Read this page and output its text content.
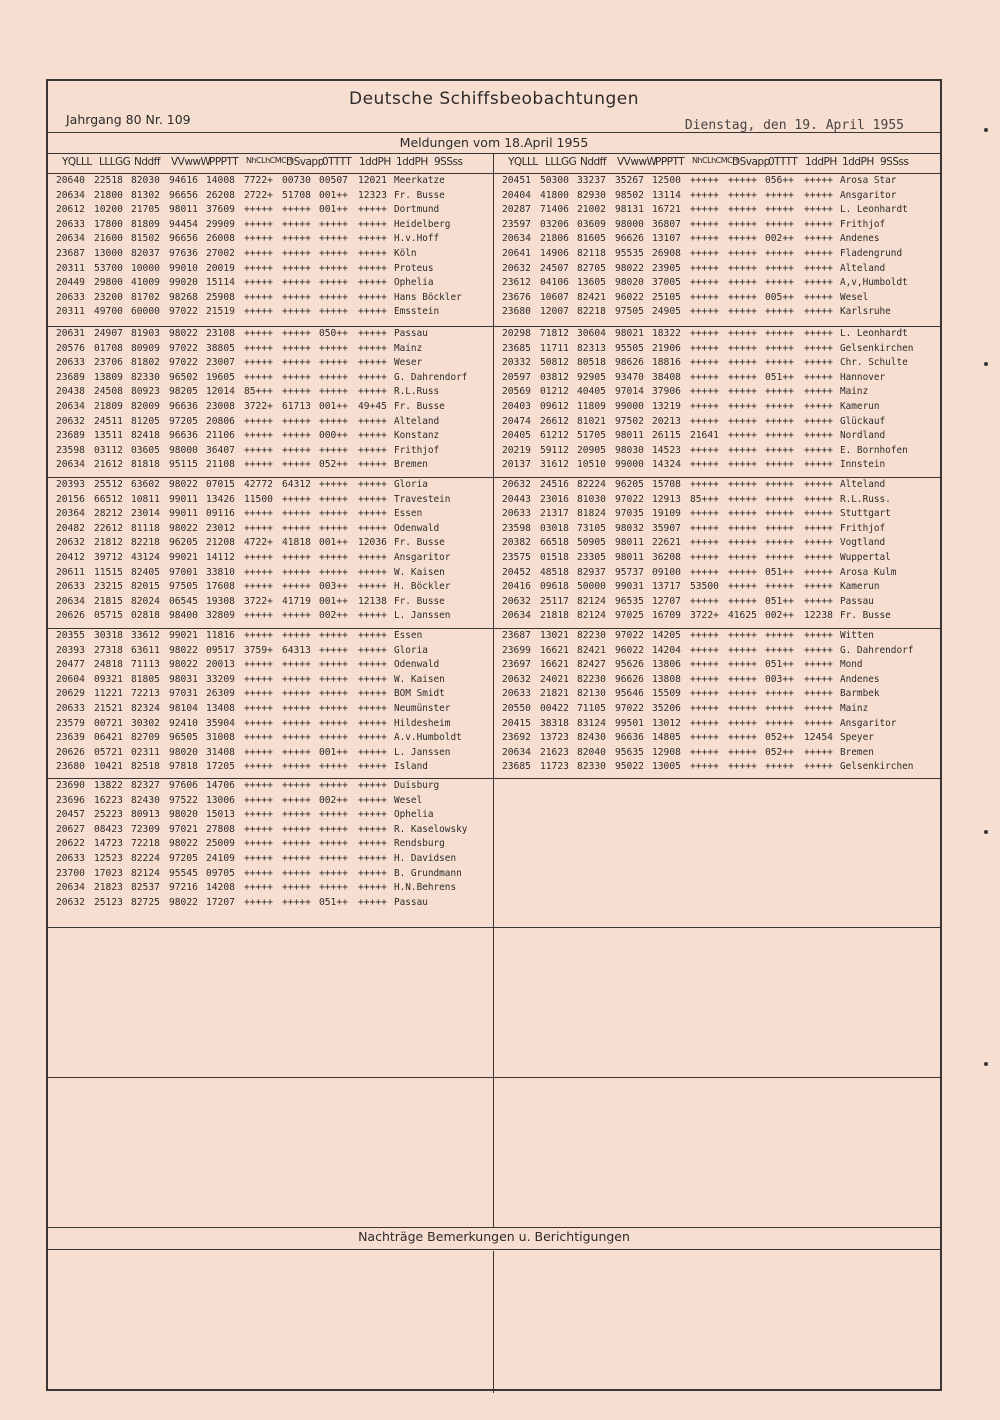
Deutsche Schiffsbeobachtungen
Jahrgang 80 Nr. 109	Dienstag, den 19. April 1955
Meldungen vom 18.April 1955
YQLLL LLLGG Nddff VVwwW
PPPTT NhCLhCMCH
DSvapp
0TTTT 1ddPH 1ddPH 9SSss	YQLLL LLLGG Nddff VVwwW
PPPTT NhCLhCMCH
DSvapp
0TTTT 1ddPH 1ddPH 9SSss
Nachträge Bemerkungen u. Berichtigungen
20640 22518 82030 94616 14008 7722+ 00730 00507 12021 Meerkatze
20634 21800 81302 96656 26208 2722+ 51708 001++ 12323 Fr. Busse
20612 10200 21705 98011 37609 +++++ +++++ 001++ +++++ Dortmund
20633 17800 81809 94454 29909 +++++ +++++ +++++ +++++ Heidelberg
20634 21600 81502 96656 26008 +++++ +++++ +++++ +++++ H.v.Hoff
23687 13000 82037 97636 27002 +++++ +++++ +++++ +++++ Köln
20311 53700 10000 99010 20019 +++++ +++++ +++++ +++++ Proteus
20449 29800 41009 99020 15114 +++++ +++++ +++++ +++++ Ophelia
20633 23200 81702 98268 25908 +++++ +++++ +++++ +++++ Hans Böckler
20311 49700 60000 97022 21519 +++++ +++++ +++++ +++++ Emsstein
20631 24907 81903 98022 23108 +++++ +++++ 050++ +++++ Passau
20576 01708 80909 97022 38805 +++++ +++++ +++++ +++++ Mainz
20633 23706 81802 97022 23007 +++++ +++++ +++++ +++++ Weser
23689 13809 82330 96502 19605 +++++ +++++ +++++ +++++ G. Dahrendorf
20438 24508 80923 98205 12014 85+++ +++++ +++++ +++++ R.L.Russ
20634 21809 82009 96636 23008 3722+ 61713 001++ 49+45 Fr. Busse
20632 24511 81205 97205 20806 +++++ +++++ +++++ +++++ Alteland
23689 13511 82418 96636 21106 +++++ +++++ 000++ +++++ Konstanz
23598 03112 03605 98000 36407 +++++ +++++ +++++ +++++ Frithjof
20634 21612 81818 95115 21108 +++++ +++++ 052++ +++++ Bremen
20393 25512 63602 98022 07015 42772 64312 +++++ +++++ Gloria
20156 66512 10811 99011 13426 11500 +++++ +++++ +++++ Travestein
20364 28212 23014 99011 09116 +++++ +++++ +++++ +++++ Essen
20482 22612 81118 98022 23012 +++++ +++++ +++++ +++++ Odenwald
20632 21812 82218 96205 21208 4722+ 41818 001++ 12036 Fr. Busse
20412 39712 43124 99021 14112 +++++ +++++ +++++ +++++ Ansgaritor
20611 11515 82405 97001 33810 +++++ +++++ +++++ +++++ W. Kaisen
20633 23215 82015 97505 17608 +++++ +++++ 003++ +++++ H. Böckler
20634 21815 82024 06545 19308 3722+ 41719 001++ 12138 Fr. Busse
20626 05715 02818 98400 32809 +++++ +++++ 002++ +++++ L. Janssen
20355 30318 33612 99021 11816 +++++ +++++ +++++ +++++ Essen
20393 27318 63611 98022 09517 3759+ 64313 +++++ +++++ Gloria
20477 24818 71113 98022 20013 +++++ +++++ +++++ +++++ Odenwald
20604 09321 81805 98031 33209 +++++ +++++ +++++ +++++ W. Kaisen
20629 11221 72213 97031 26309 +++++ +++++ +++++ +++++ BOM Smidt
20633 21521 82324 98104 13408 +++++ +++++ +++++ +++++ Neumünster
23579 00721 30302 92410 35904 +++++ +++++ +++++ +++++ Hildesheim
23639 06421 82709 96505 31008 +++++ +++++ +++++ +++++ A.v.Humboldt
20626 05721 02311 98020 31408 +++++ +++++ 001++ +++++ L. Janssen
23680 10421 82518 97818 17205 +++++ +++++ +++++ +++++ Island
23690 13822 82327 97606 14706 +++++ +++++ +++++ +++++ Duisburg
23696 16223 82430 97522 13006 +++++ +++++ 002++ +++++ Wesel
20457 25223 80913 98020 15013 +++++ +++++ +++++ +++++ Ophelia
20627 08423 72309 97021 27808 +++++ +++++ +++++ +++++ R. Kaselowsky
20622 14723 72218 98022 25009 +++++ +++++ +++++ +++++ Rendsburg
20633 12523 82224 97205 24109 +++++ +++++ +++++ +++++ H. Davidsen
23700 17023 82124 95545 09705 +++++ +++++ +++++ +++++ B. Grundmann
20634 21823 82537 97216 14208 +++++ +++++ +++++ +++++ H.N.Behrens
20632 25123 82725 98022 17207 +++++ +++++ 051++ +++++ Passau
20451 50300 33237 35267 12500 +++++ +++++ 056++ +++++ Arosa Star
20404 41800 82930 98502 13114 +++++ +++++ +++++ +++++ Ansgaritor
20287 71406 21002 98131 16721 +++++ +++++ +++++ +++++ L. Leonhardt
23597 03206 03609 98000 36807 +++++ +++++ +++++ +++++ Frithjof
20634 21806 81605 96626 13107 +++++ +++++ 002++ +++++ Andenes
20641 14906 82118 95535 26908 +++++ +++++ +++++ +++++ Fladengrund
20632 24507 82705 98022 23905 +++++ +++++ +++++ +++++ Alteland
23612 04106 13605 98020 37005 +++++ +++++ +++++ +++++ A,v,Humboldt
23676 10607 82421 96022 25105 +++++ +++++ 005++ +++++ Wesel
23680 12007 82218 97505 24905 +++++ +++++ +++++ +++++ Karlsruhe
20298 71812 30604 98021 18322 +++++ +++++ +++++ +++++ L. Leonhardt
23685 11711 82313 95505 21906 +++++ +++++ +++++ +++++ Gelsenkirchen
20332 50812 80518 98626 18816 +++++ +++++ +++++ +++++ Chr. Schulte
20597 03812 92905 93470 38408 +++++ +++++ 051++ +++++ Hannover
20569 01212 40405 97014 37906 +++++ +++++ +++++ +++++ Mainz
20403 09612 11809 99000 13219 +++++ +++++ +++++ +++++ Kamerun
20474 26612 81021 97502 20213 +++++ +++++ +++++ +++++ Glückauf
20405 61212 51705 98011 26115 21641 +++++ +++++ +++++ Nordland
20219 59112 20905 98030 14523 +++++ +++++ +++++ +++++ E. Bornhofen
20137 31612 10510 99000 14324 +++++ +++++ +++++ +++++ Innstein
20632 24516 82224 96205 15708 +++++ +++++ +++++ +++++ Alteland
20443 23016 81030 97022 12913 85+++ +++++ +++++ +++++ R.L.Russ.
20633 21317 81824 97035 19109 +++++ +++++ +++++ +++++ Stuttgart
23598 03018 73105 98032 35907 +++++ +++++ +++++ +++++ Frithjof
20382 66518 50905 98011 22621 +++++ +++++ +++++ +++++ Vogtland
23575 01518 23305 98011 36208 +++++ +++++ +++++ +++++ Wuppertal
20452 48518 82937 95737 09100 +++++ +++++ 051++ +++++ Arosa Kulm
20416 09618 50000 99031 13717 53500 +++++ +++++ +++++ Kamerun
20632 25117 82124 96535 12707 +++++ +++++ 051++ +++++ Passau
20634 21818 82124 97025 16709 3722+ 41625 002++ 12238 Fr. Busse
23687 13021 82230 97022 14205 +++++ +++++ +++++ +++++ Witten
23699 16621 82421 96022 14204 +++++ +++++ +++++ +++++ G. Dahrendorf
23697 16621 82427 95626 13806 +++++ +++++ 051++ +++++ Mond
20632 24021 82230 96626 13808 +++++ +++++ 003++ +++++ Andenes
20633 21821 82130 95646 15509 +++++ +++++ +++++ +++++ Barmbek
20550 00422 71105 97022 35206 +++++ +++++ +++++ +++++ Mainz
20415 38318 83124 99501 13012 +++++ +++++ +++++ +++++ Ansgaritor
23692 13723 82430 96636 14805 +++++ +++++ 052++ 12454 Speyer
20634 21623 82040 95635 12908 +++++ +++++ 052++ +++++ Bremen
23685 11723 82330 95022 13005 +++++ +++++ +++++ +++++ Gelsenkirchen
